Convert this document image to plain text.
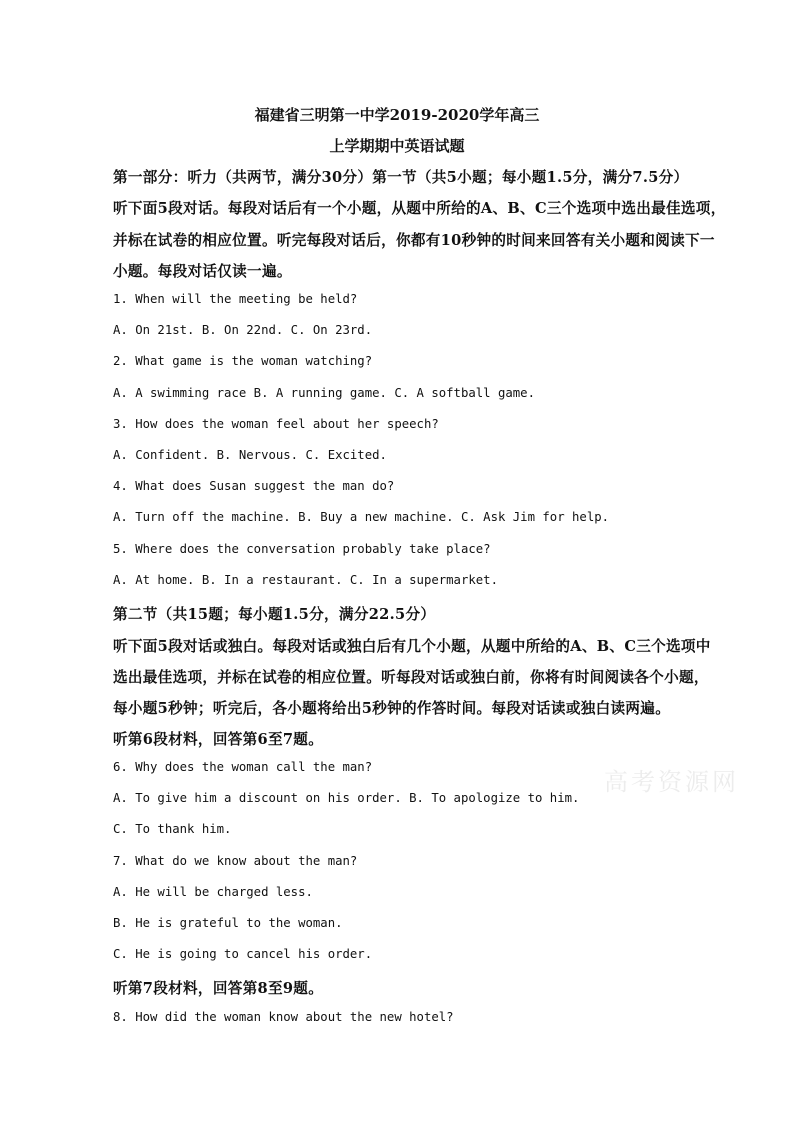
福建省三明第一中学2019-2020学年高三
上学期期中英语试题
第一部分：听力（共两节，满分30分）第一节（共5小题；每小题1.5分，满分7.5分）
听下面5段对话。每段对话后有一个小题，从题中所给的A、B、C三个选项中选出最佳选项，
并标在试卷的相应位置。听完每段对话后，你都有10秒钟的时间来回答有关小题和阅读下一
小题。每段对话仅读一遍。
1. When will the meeting be held?
A. On 21st. B. On 22nd. C. On 23rd.
2. What game is the woman watching?
A. A swimming race B. A running game. C. A softball game.
3. How does the woman feel about her speech?
A. Confident. B. Nervous. C. Excited.
4. What does Susan suggest the man do?
A. Turn off the machine. B. Buy a new machine. C. Ask Jim for help.
5. Where does the conversation probably take place?
A. At home. B. In a restaurant. C. In a supermarket.
第二节（共15题；每小题1.5分，满分22.5分）
听下面5段对话或独白。每段对话或独白后有几个小题，从题中所给的A、B、C三个选项中
选出最佳选项，并标在试卷的相应位置。听每段对话或独白前，你将有时间阅读各个小题，
每小题5秒钟；听完后，各小题将给出5秒钟的作答时间。每段对话读或独白读两遍。
听第6段材料，回答第6至7题。
6. Why does the woman call the man?
A. To give him a discount on his order. B. To apologize to him.
C. To thank him.
7. What do we know about the man?
A. He will be charged less.
B. He is grateful to the woman.
C. He is going to cancel his order.
听第7段材料，回答第8至9题。
8. How did the woman know about the new hotel?
高考资源网
